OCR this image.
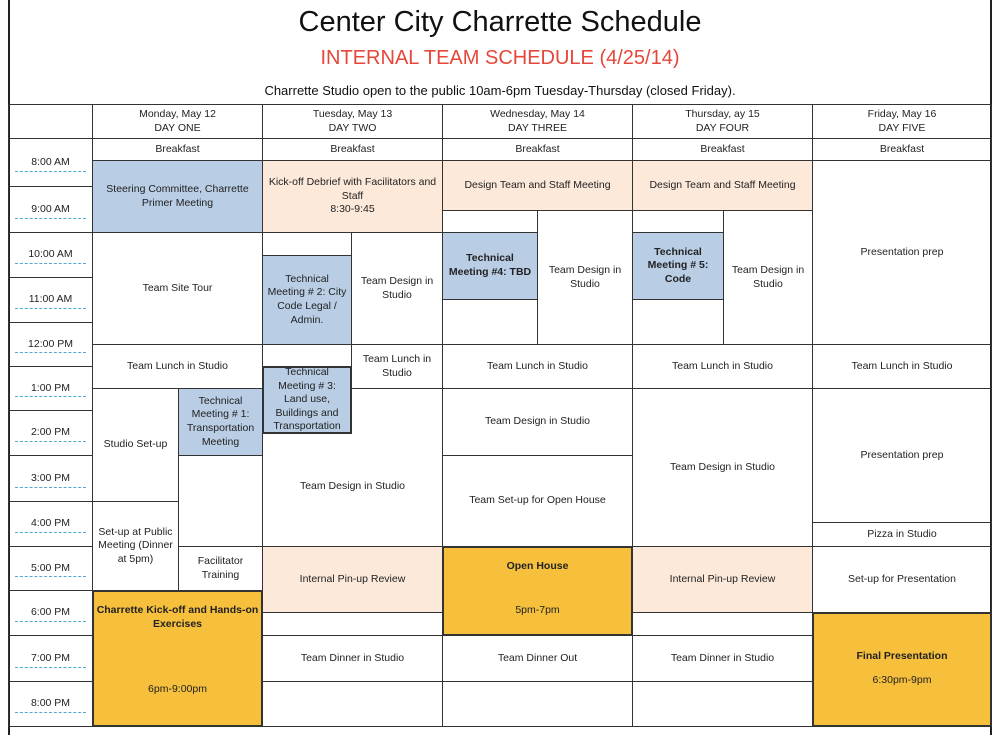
Center City Charrette Schedule
INTERNAL TEAM SCHEDULE (4/25/14)
Charrette Studio open to the public 10am-6pm Tuesday-Thursday (closed Friday).
Monday, May 12
DAY ONE
Tuesday, May 13
DAY TWO
Wednesday, May 14
DAY THREE
Thursday, ay 15
DAY FOUR
Friday, May 16
DAY FIVE
8:00 AM
9:00 AM
10:00 AM
11:00 AM
12:00 PM
1:00 PM
2:00 PM
3:00 PM
4:00 PM
5:00 PM
6:00 PM
7:00 PM
8:00 PM
Breakfast
Steering Committee, Charrette Primer Meeting
Team Site Tour
Team Lunch in Studio
Studio Set-up
Technical Meeting # 1: Transportation Meeting
Set-up at Public Meeting (Dinner at 5pm)	Facilitator Training
Charrette Kick-off and Hands-on Exercises
6pm-9:00pm
Breakfast
Kick-off Debrief with Facilitators and Staff
8:30-9:45
Technical Meeting # 2: City Code Legal / Admin.
Team Design in Studio
Team Lunch in Studio
Team Design in Studio
Technical Meeting # 3: Land use, Buildings and Transportation
Internal Pin-up Review
Team Dinner in Studio
Breakfast
Design Team and Staff Meeting
Technical Meeting #4: TBD	Team Design in Studio
Team Lunch in Studio
Team Design in Studio
Team Set-up for Open House
Open House
5pm-7pm
Team Dinner Out
Breakfast
Design Team and Staff Meeting
Technical Meeting # 5: Code
Team Design in Studio
Team Lunch in Studio
Team Design in Studio
Internal Pin-up Review
Team Dinner in Studio
Breakfast
Presentation prep
Team Lunch in Studio
Presentation prep
Pizza in Studio
Set-up for Presentation
Final Presentation
6:30pm-9pm
